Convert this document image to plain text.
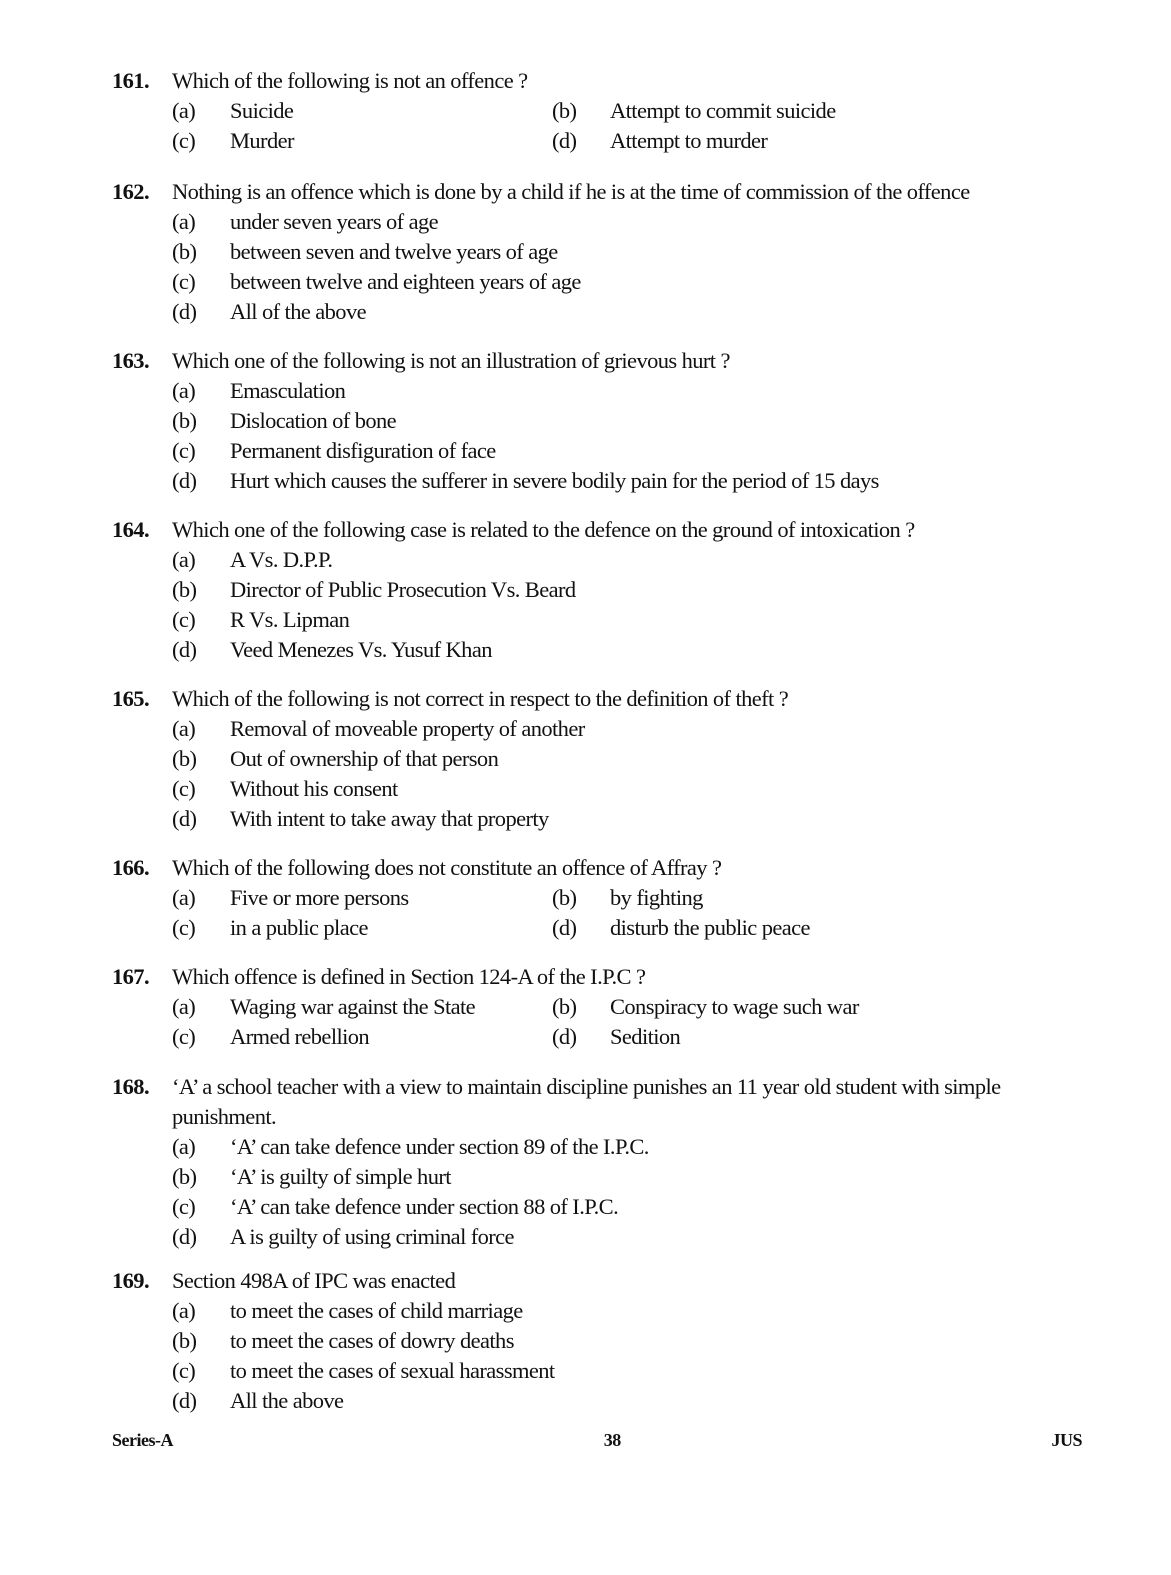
161.	Which of the following is not an offence ?
(a)	Suicide	(b)	Attempt to commit suicide
(c)	Murder	(d)	Attempt to murder
162.	Nothing is an offence which is done by a child if he is at the time of commission of the offence
(a)	under seven years of age
(b)	between seven and twelve years of age
(c)	between twelve and eighteen years of age
(d)	All of the above
163.	Which one of the following is not an illustration of grievous hurt ?
(a)	Emasculation
(b)	Dislocation of bone
(c)	Permanent disfiguration of face
(d)	Hurt which causes the sufferer in severe bodily pain for the period of 15 days
164.	Which one of the following case is related to the defence on the ground of intoxication ?
(a)	A Vs. D.P.P.
(b)	Director of Public Prosecution Vs. Beard
(c)	R Vs. Lipman
(d)	Veed Menezes Vs. Yusuf Khan
165.	Which of the following is not correct in respect to the definition of theft ?
(a)	Removal of moveable property of another
(b)	Out of ownership of that person
(c)	Without his consent
(d)	With intent to take away that property
166.	Which of the following does not constitute an offence of Affray ?
(a)	Five or more persons	(b)	by fighting
(c)	in a public place	(d)	disturb the public peace
167.	Which offence is defined in Section 124-A of the I.P.C ?
(a)	Waging war against the State	(b)	Conspiracy to wage such war
(c)	Armed rebellion	(d)	Sedition
168.	‘A’ a school teacher with a view to maintain discipline punishes an 11 year old student with simple punishment.
(a)	‘A’ can take defence under section 89 of the I.P.C.
(b)	‘A’ is guilty of simple hurt
(c)	‘A’ can take defence under section 88 of I.P.C.
(d)	A is guilty of using criminal force
169.	Section 498A of IPC was enacted
(a)	to meet the cases of child marriage
(b)	to meet the cases of dowry deaths
(c)	to meet the cases of sexual harassment
(d)	All the above
Series-A	38	JUS
